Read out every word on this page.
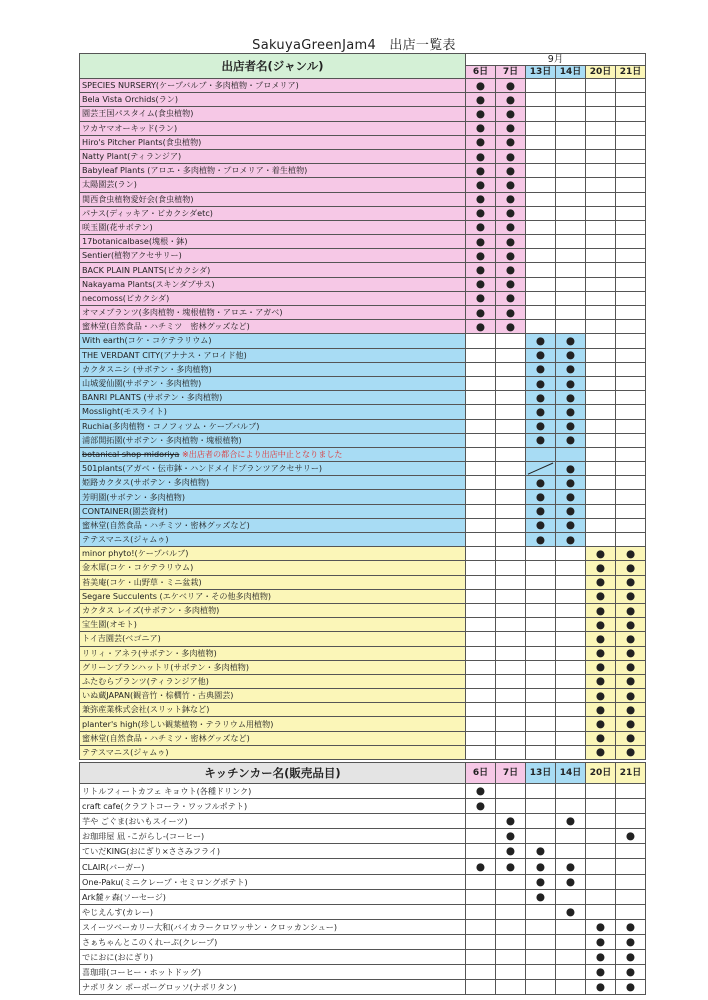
SakuyaGreenJam4　出店一覧表
出店者名(ジャンル)	9月					
	6日	7日	13日	14日	20日	21日
SPECIES NURSERY(ケープバルブ・多肉植物・プロメリア)	●	●				
Bela Vista Orchids(ラン)	●	●				
園芸王国パスタイム(食虫植物)	●	●				
ワカヤマオーキッド(ラン)	●	●				
Hiro's Pitcher Plants(食虫植物)	●	●				
Natty Plant(ティランジア)	●	●				
Babyleaf Plants (アロエ・多肉植物・プロメリア・着生植物)	●	●				
太陽園芸(ラン)	●	●				
関西食虫植物愛好会(食虫植物)	●	●				
パナス(ディッキア・ビカクシダetc)	●	●				
咲玉園(花サボテン)	●	●				
17botanicalbase(塊根・鉢)	●	●				
Sentier(植物アクセサリー)	●	●				
BACK PLAIN PLANTS(ビカクシダ)	●	●				
Nakayama Plants(スキンダプサス)	●	●				
necomoss(ビカクシダ)	●	●				
オマメプランツ(多肉植物・塊根植物・アロエ・アガベ)	●	●				
蜜林堂(自然食品・ハチミツ　密林グッズなど)	●	●				
With earth(コケ・コケテラリウム)			●	●		
THE VERDANT CITY(アナナス・アロイド他)			●	●		
カクタスニシ (サボテン・多肉植物)			●	●		
山城愛仙園(サボテン・多肉植物)			●	●		
BANRI PLANTS (サボテン・多肉植物)			●	●		
Mosslight(モスライト)			●	●		
Ruchia(多肉植物・コノフィツム・ケープバルブ)			●	●		
浦部開拓園(サボテン・多肉植物・塊根植物)			●	●		
botanical shop midoriya ※出店者の都合により出店中止となりました						
501plants(アガベ・伝市鉢・ハンドメイドプランツアクセサリー)				●		
姫路カクタス(サボテン・多肉植物)			●	●		
芳明園(サボテン・多肉植物)			●	●		
CONTAINER(園芸資材)			●	●		
蜜林堂(自然食品・ハチミツ・密林グッズなど)			●	●		
テテスマニス(ジャムゥ)			●	●		
minor phyto!(ケープバルブ)					●	●
金木犀(コケ・コケテラリウム)					●	●
苔美庵(コケ・山野草・ミニ盆栽)					●	●
Segare Succulents (エケベリア・その他多肉植物)					●	●
カクタス レイズ(サボテン・多肉植物)					●	●
宝生園(オモト)					●	●
トイ吉園芸(ベゴニア)					●	●
リリィ・アネラ(サボテン・多肉植物)					●	●
グリーンプランハットリ(サボテン・多肉植物)					●	●
ふたむらプランツ(ティランジア他)					●	●
いぬ蔵JAPAN(観音竹・棕櫚竹・古典園芸)					●	●
兼弥産業株式会社(スリット鉢など)					●	●
planter's high(珍しい観葉植物・テラリウム用植物)					●	●
蜜林堂(自然食品・ハチミツ・密林グッズなど)					●	●
テテスマニス(ジャムゥ)					●	●
キッチンカー名(販売品目)	6日	7日	13日	14日	20日	21日
リトルフィートカフェ キョウト(各種ドリンク)	●					
craft cafe(クラフトコーラ・ワッフルポテト)	●					
芋や ごぐま(おいもスイーツ)		●		●		
お珈琲屋 凪 -こがらし-(コーヒー)		●				●
ていだKING(おにぎり×ささみフライ)		●	●			
CLAIR(バーガー)	●	●	●	●		
One-Paku(ミニクレープ・セミロングポテト)			●	●		
Ark麓ヶ森(ソーセージ)			●			
やじえんす(カレー)				●		
スイーツベーカリー大和(バイカラークロワッサン・クロッカンシュー)					●	●
さぁちゃんとこのくれーぷ(クレープ)					●	●
でにおに(おにぎり)					●	●
喜珈琲(コーヒー・ホットドッグ)					●	●
ナポリタン ポーポーグロッソ(ナポリタン)					●	●
